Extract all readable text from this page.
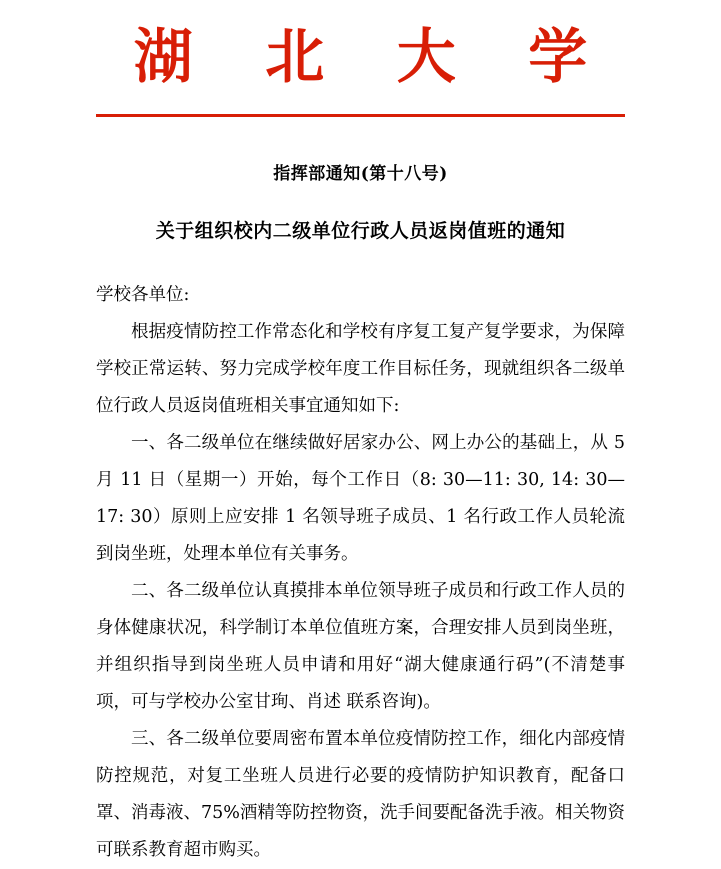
湖 北 大 学
指挥部通知(第十八号)
关于组织校内二级单位行政人员返岗值班的通知

学校各单位:

根据疫情防控工作常态化和学校有序复工复产复学要求，为保障学校正常运转、努力完成学校年度工作目标任务，现就组织各二级单位行政人员返岗值班相关事宜通知如下:

一、各二级单位在继续做好居家办公、网上办公的基础上，从 5 月 11 日（星期一）开始，每个工作日（8: 30—11: 30, 14: 30—17: 30）原则上应安排 1 名领导班子成员、1 名行政工作人员轮流到岗坐班，处理本单位有关事务。

二、各二级单位认真摸排本单位领导班子成员和行政工作人员的身体健康状况，科学制订本单位值班方案，合理安排人员到岗坐班，并组织指导到岗坐班人员申请和用好“湖大健康通行码”(不清楚事项，可与学校办公室甘珣、肖述 联系咨询)。

三、各二级单位要周密布置本单位疫情防控工作，细化内部疫情防控规范，对复工坐班人员进行必要的疫情防护知识教育，配备口罩、消毒液、75%酒精等防控物资，洗手间要配备洗手液。相关物资可联系教育超市购买。
